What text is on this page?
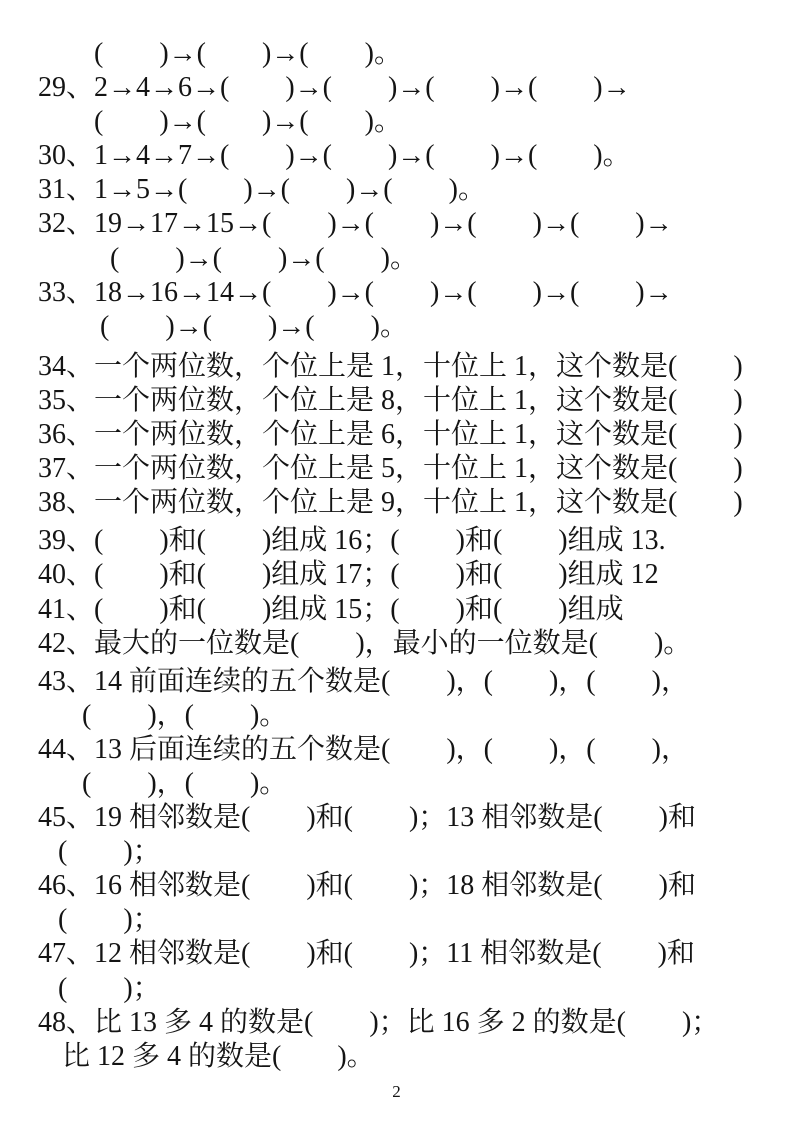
(        )→(        )→(        )。
29、2→4→6→(        )→(        )→(        )→(        )→
(        )→(        )→(        )。
30、1→4→7→(        )→(        )→(        )→(        )。
31、1→5→(        )→(        )→(        )。
32、19→17→15→(        )→(        )→(        )→(        )→
(        )→(        )→(        )。
33、18→16→14→(        )→(        )→(        )→(        )→
(        )→(        )→(        )。
34、一个两位数，个位上是 1，十位上 1，这个数是(        )
35、一个两位数，个位上是 8，十位上 1，这个数是(        )
36、一个两位数，个位上是 6，十位上 1，这个数是(        )
37、一个两位数，个位上是 5，十位上 1，这个数是(        )
38、一个两位数，个位上是 9，十位上 1，这个数是(        )
39、(        )和(        )组成 16；(        )和(        )组成 13.
40、(        )和(        )组成 17；(        )和(        )组成 12
41、(        )和(        )组成 15；(        )和(        )组成
42、最大的一位数是(        )，最小的一位数是(        )。
43、14 前面连续的五个数是(        )，(        )，(        )，
(        )，(        )。
44、13 后面连续的五个数是(        )，(        )，(        )，
(        )，(        )。
45、19 相邻数是(        )和(        )；13 相邻数是(        )和
(        )；
46、16 相邻数是(        )和(        )；18 相邻数是(        )和
(        )；
47、12 相邻数是(        )和(        )；11 相邻数是(        )和
(        )；
48、比 13 多 4 的数是(        )；比 16 多 2 的数是(        )；
比 12 多 4 的数是(        )。
2
